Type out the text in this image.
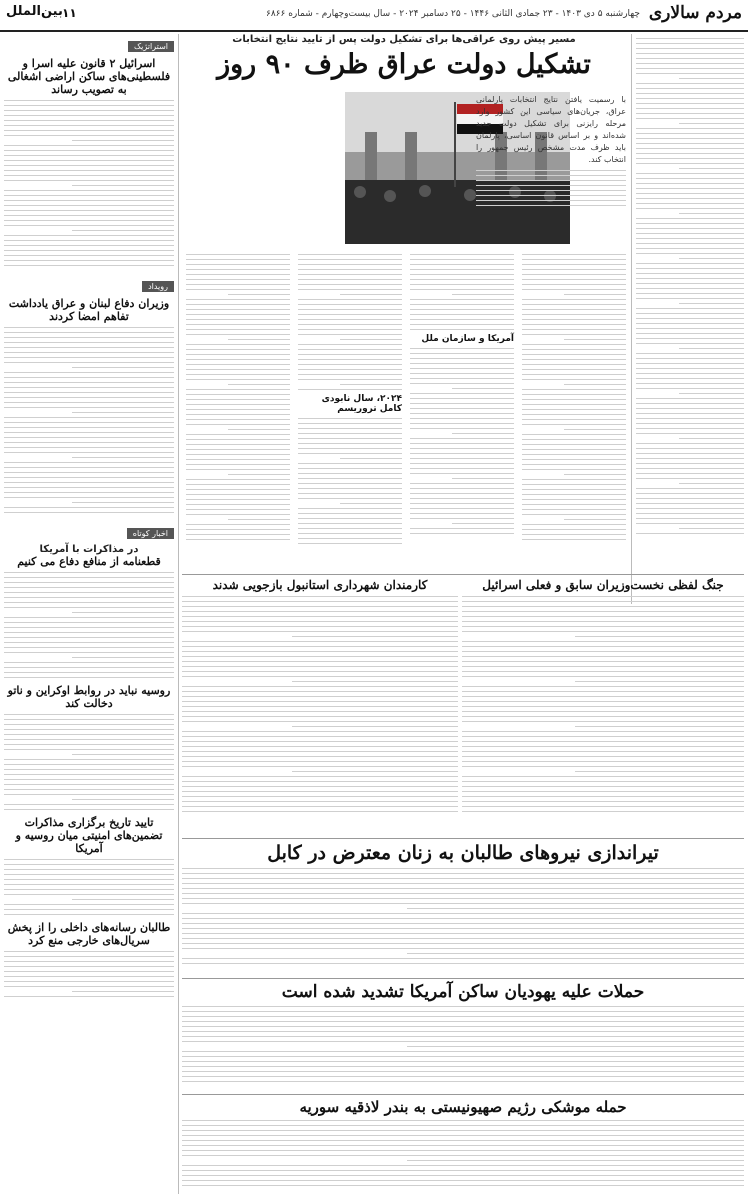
مردم سالاری
چهارشنبه ۵ دی ۱۴۰۳ - ۲۳ جمادی الثانی ۱۴۴۶ - ۲۵ دسامبر ۲۰۲۴ - سال بیست‌وچهارم - شماره ۶۸۶۶
۱۱
بین‌الملل
مسیر پیش روی عراقی‌ها برای تشکیل دولت پس از تایید نتایج انتخابات
تشکیل دولت عراق ظرف ۹۰ روز
با رسمیت یافتن نتایج انتخابات پارلمانی عراق، جریان‌های سیاسی این کشور وارد مرحله رایزنی برای تشکیل دولت جدید شده‌اند و بر اساس قانون اساسی، پارلمان باید ظرف مدت مشخص رئیس جمهور را انتخاب کند.
آمریکا و سازمان ملل
۲۰۲۴، سال نابودی کامل تروریسم
استراتژیک
اسرائیل ۲ قانون علیه اسرا و فلسطینی‌های ساکن اراضی اشغالی به تصویب رساند
رویداد
وزیران دفاع لبنان و عراق یادداشت تفاهم امضا کردند
اخبار کوتاه
در مذاکرات با آمریکا
قطعنامه از منافع دفاع می کنیم
روسیه نباید در روابط اوکراین و ناتو دخالت کند
تایید تاریخ برگزاری مذاکرات تضمین‌های امنیتی میان روسیه و آمریکا
طالبان رسانه‌های داخلی را از پخش سریال‌های خارجی منع کرد
جنگ لفظی نخست‌وزیران سابق و فعلی اسرائیل
کارمندان شهرداری استانبول بازجویی شدند
تیراندازی نیروهای طالبان به زنان معترض در کابل
حملات علیه یهودیان ساکن آمریکا تشدید شده است
حمله موشکی رژیم صهیونیستی به بندر لاذقیه سوریه
